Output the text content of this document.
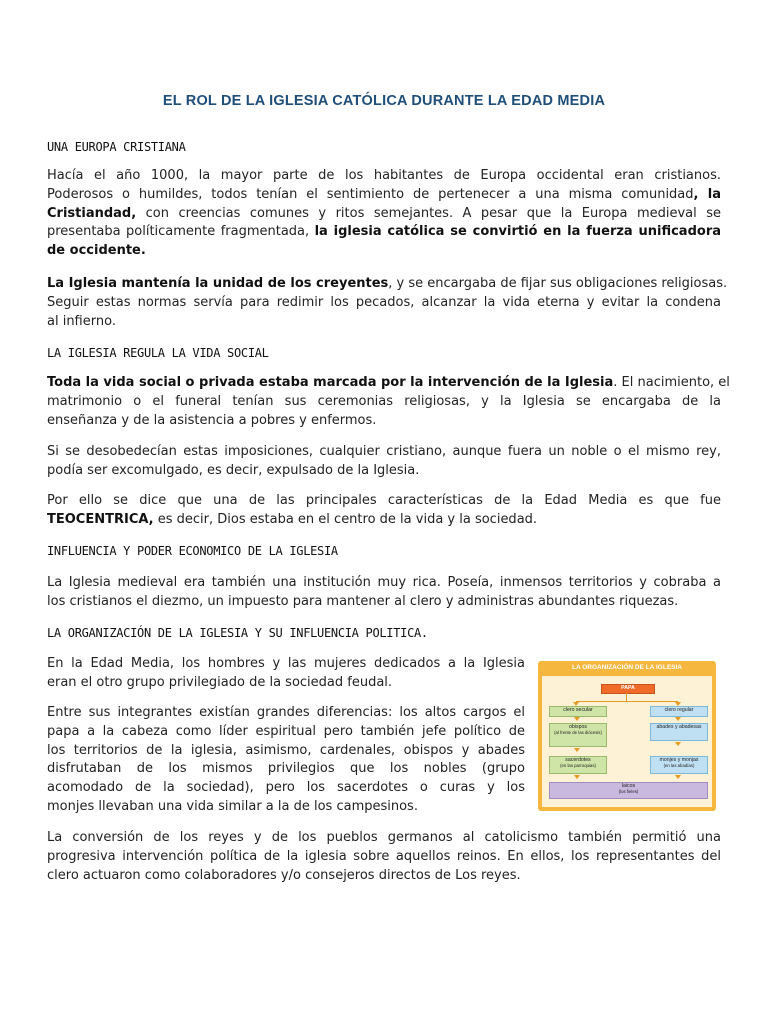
EL ROL DE LA IGLESIA CATÓLICA DURANTE LA EDAD MEDIA
UNA EUROPA CRISTIANA
Hacía el año 1000, la mayor parte de los habitantes de Europa occidental eran cristianos.
Poderosos o humildes, todos tenían el sentimiento de pertenecer a una misma comunidad, la
Cristiandad, con creencias comunes y ritos semejantes. A pesar que la Europa medieval se
presentaba políticamente fragmentada, la iglesia católica se convirtió en la fuerza unificadora
de occidente.
La Iglesia mantenía la unidad de los creyentes, y se encargaba de fijar sus obligaciones religiosas.
Seguir estas normas servía para redimir los pecados, alcanzar la vida eterna y evitar la condena
al infierno.
LA IGLESIA REGULA LA VIDA SOCIAL
Toda la vida social o privada estaba marcada por la intervención de la Iglesia. El nacimiento, el
matrimonio o el funeral tenían sus ceremonias religiosas, y la Iglesia se encargaba de la
enseñanza y de la asistencia a pobres y enfermos.
Si se desobedecían estas imposiciones, cualquier cristiano, aunque fuera un noble o el mismo rey,
podía ser excomulgado, es decir, expulsado de la Iglesia.
Por ello se dice que una de las principales características de la Edad Media es que fue
TEOCENTRICA, es decir, Dios estaba en el centro de la vida y la sociedad.
INFLUENCIA Y PODER ECONOMICO DE LA IGLESIA
La Iglesia medieval era también una institución muy rica. Poseía, inmensos territorios y cobraba a
los cristianos el diezmo, un impuesto para mantener al clero y administras abundantes riquezas.
LA ORGANIZACIÓN DE LA IGLESIA Y SU INFLUENCIA POLITICA.
En la Edad Media, los hombres y las mujeres dedicados a la Iglesia
eran el otro grupo privilegiado de la sociedad feudal.
Entre sus integrantes existían grandes diferencias: los altos cargos el
papa a la cabeza como líder espiritual pero también jefe político de
los territorios de la iglesia, asimismo, cardenales, obispos y abades
disfrutaban de los mismos privilegios que los nobles (grupo
acomodado de la sociedad), pero los sacerdotes o curas y los
monjes llevaban una vida similar a la de los campesinos.
La conversión de los reyes y de los pueblos germanos al catolicismo también permitió una
progresiva intervención política de la iglesia sobre aquellos reinos. En ellos, los representantes del
clero actuaron como colaboradores y/o consejeros directos de Los reyes.
LA ORGANIZACIÓN DE LA IGLESIA
PAPA
clero secular	clero regular
obispos
(al frente de las diócesis)
abades y abadesas
sacerdotes
(en las parroquias)
monjes y monjas
(en las abadías)
laicos
(los fieles)
